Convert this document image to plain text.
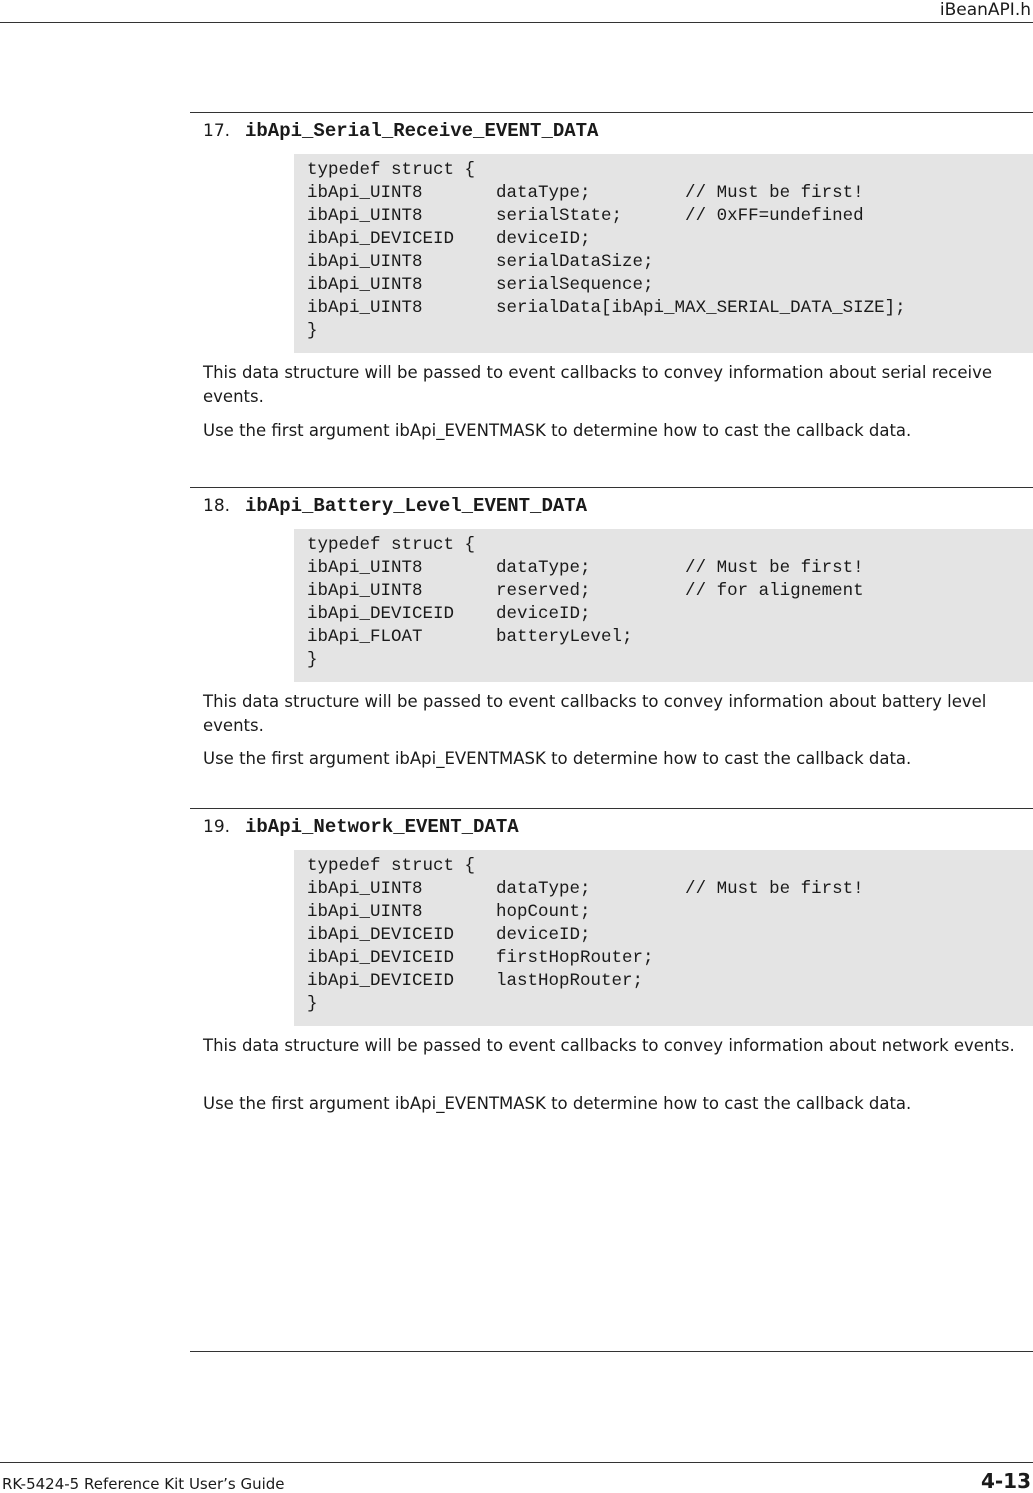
iBeanAPI.h
17. ibApi_Serial_Receive_EVENT_DATA
typedef struct {
ibApi_UINT8       dataType;         // Must be first!
ibApi_UINT8       serialState;      // 0xFF=undefined
ibApi_DEVICEID    deviceID;
ibApi_UINT8       serialDataSize;
ibApi_UINT8       serialSequence;
ibApi_UINT8       serialData[ibApi_MAX_SERIAL_DATA_SIZE];
}
This data structure will be passed to event callbacks to convey information about serial receive events.
Use the first argument ibApi_EVENTMASK to determine how to cast the callback data.
18. ibApi_Battery_Level_EVENT_DATA
typedef struct {
ibApi_UINT8       dataType;         // Must be first!
ibApi_UINT8       reserved;         // for alignement
ibApi_DEVICEID    deviceID;
ibApi_FLOAT       batteryLevel;
}
This data structure will be passed to event callbacks to convey information about battery level events.
Use the first argument ibApi_EVENTMASK to determine how to cast the callback data.
19. ibApi_Network_EVENT_DATA
typedef struct {
ibApi_UINT8       dataType;         // Must be first!
ibApi_UINT8       hopCount;
ibApi_DEVICEID    deviceID;
ibApi_DEVICEID    firstHopRouter;
ibApi_DEVICEID    lastHopRouter;
}
This data structure will be passed to event callbacks to convey information about network events.
Use the first argument ibApi_EVENTMASK to determine how to cast the callback data.
RK-5424-5 Reference Kit User’s Guide	4-13
